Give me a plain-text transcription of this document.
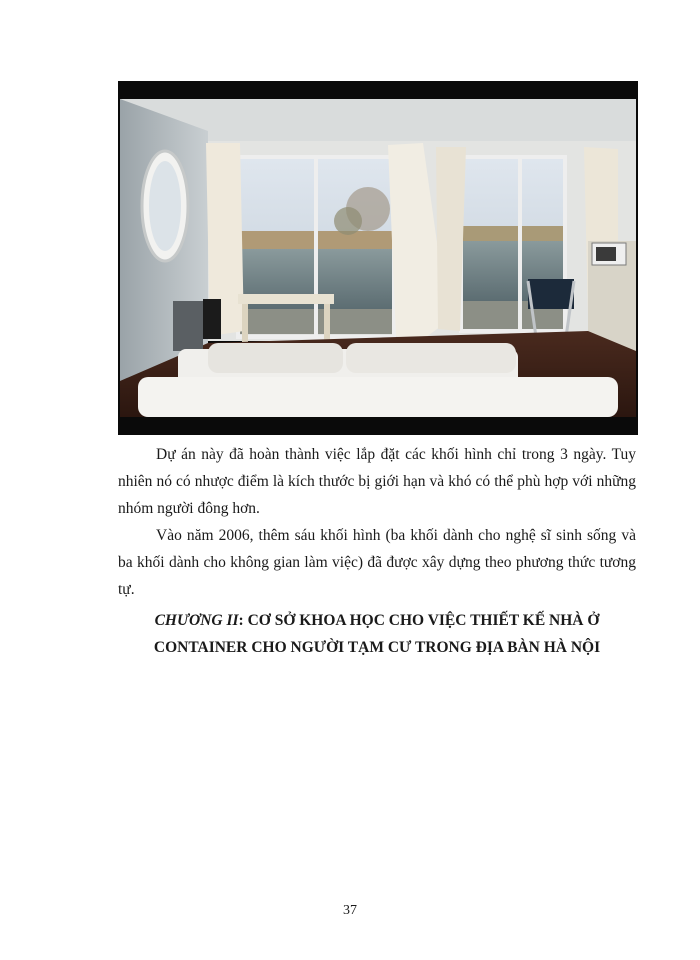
Dự án này đã hoàn thành việc lắp đặt các khối hình chỉ trong 3 ngày. Tuy nhiên nó có nhược điểm là kích thước bị giới hạn và khó có thể phù hợp với những nhóm người đông hơn.

Vào năm 2006, thêm sáu khối hình (ba khối dành cho nghệ sĩ sinh sống và ba khối dành cho không gian làm việc) đã được xây dựng theo phương thức tương tự.

CHƯƠNG II: CƠ SỞ KHOA HỌC CHO VIỆC THIẾT KẾ NHÀ Ở CONTAINER CHO NGƯỜI TẠM CƯ TRONG ĐỊA BÀN HÀ NỘI

37
